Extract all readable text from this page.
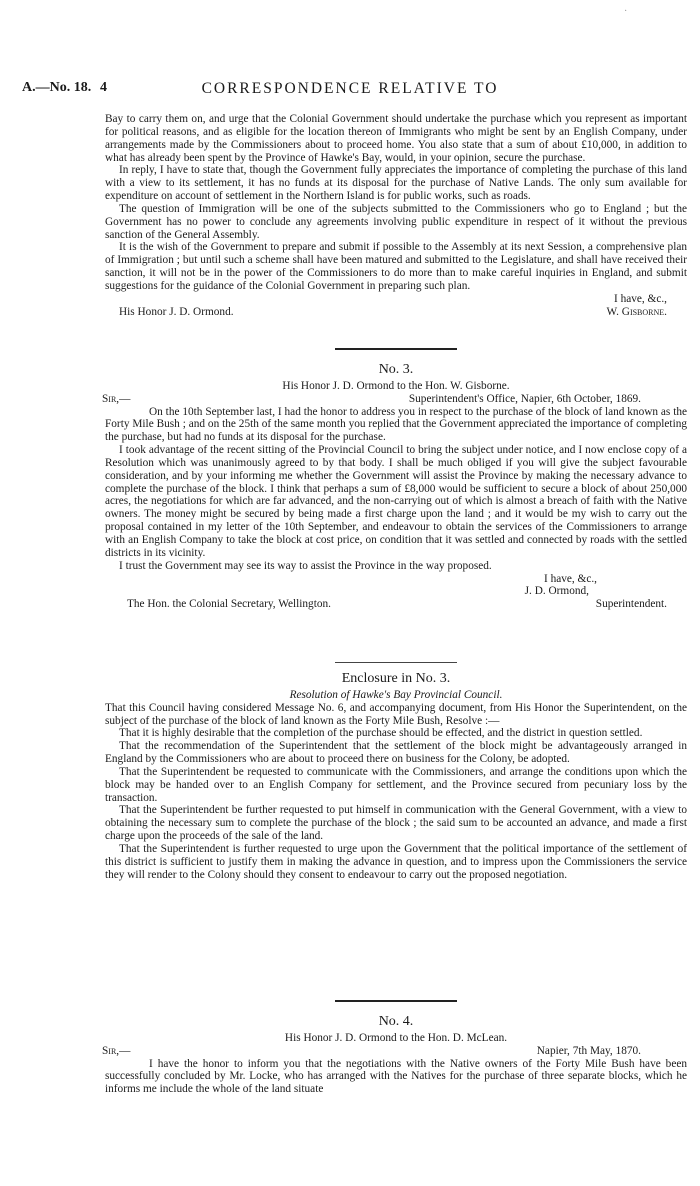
·
A.—No. 18. 4	CORRESPONDENCE RELATIVE TO

Bay to carry them on, and urge that the Colonial Government should undertake the purchase which you represent as important for political reasons, and as eligible for the location thereon of Immigrants who might be sent by an English Company, under arrangements made by the Commissioners about to proceed home. You also state that a sum of about £10,000, in addition to what has already been spent by the Province of Hawke's Bay, would, in your opinion, secure the purchase.

In reply, I have to state that, though the Government fully appreciates the importance of completing the purchase of this land with a view to its settlement, it has no funds at its disposal for the purchase of Native Lands. The only sum available for expenditure on account of settlement in the Northern Island is for public works, such as roads.

The question of Immigration will be one of the subjects submitted to the Commissioners who go to England ; but the Government has no power to conclude any agreements involving public expenditure in respect of it without the previous sanction of the General Assembly.

It is the wish of the Government to prepare and submit if possible to the Assembly at its next Session, a comprehensive plan of Immigration ; but until such a scheme shall have been matured and submitted to the Legislature, and shall have received their sanction, it will not be in the power of the Commissioners to do more than to make careful inquiries in England, and submit suggestions for the guidance of the Colonial Government in preparing such plan.

I have, &c.,
His Honor J. D. Ormond.	W. Gisborne.
No. 3.
His Honor J. D. Ormond to the Hon. W. Gisborne.
Sir,—	Superintendent's Office, Napier, 6th October, 1869.

On the 10th September last, I had the honor to address you in respect to the purchase of the block of land known as the Forty Mile Bush ; and on the 25th of the same month you replied that the Government appreciated the importance of completing the purchase, but had no funds at its disposal for the purchase.

I took advantage of the recent sitting of the Provincial Council to bring the subject under notice, and I now enclose copy of a Resolution which was unanimously agreed to by that body. I shall be much obliged if you will give the subject favourable consideration, and by your informing me whether the Government will assist the Province by making the necessary advance to complete the purchase of the block. I think that perhaps a sum of £8,000 would be sufficient to secure a block of about 250,000 acres, the negotiations for which are far advanced, and the non-carrying out of which is almost a breach of faith with the Native owners. The money might be secured by being made a first charge upon the land ; and it would be my wish to carry out the proposal contained in my letter of the 10th September, and endeavour to obtain the services of the Commissioners to arrange with an English Company to take the block at cost price, on condition that it was settled and connected by roads with the settled districts in its vicinity.

I trust the Government may see its way to assist the Province in the way proposed.

I have, &c.,
J. D. Ormond,
The Hon. the Colonial Secretary, Wellington.	Superintendent.
Enclosure in No. 3.
Resolution of Hawke's Bay Provincial Council.

That this Council having considered Message No. 6, and accompanying document, from His Honor the Superintendent, on the subject of the purchase of the block of land known as the Forty Mile Bush, Resolve :—

That it is highly desirable that the completion of the purchase should be effected, and the district in question settled.

That the recommendation of the Superintendent that the settlement of the block might be advantageously arranged in England by the Commissioners who are about to proceed there on business for the Colony, be adopted.

That the Superintendent be requested to communicate with the Commissioners, and arrange the conditions upon which the block may be handed over to an English Company for settlement, and the Province secured from pecuniary loss by the transaction.

That the Superintendent be further requested to put himself in communication with the General Government, with a view to obtaining the necessary sum to complete the purchase of the block ; the said sum to be accounted an advance, and made a first charge upon the proceeds of the sale of the land.

That the Superintendent is further requested to urge upon the Government that the political importance of the settlement of this district is sufficient to justify them in making the advance in question, and to impress upon the Commissioners the service they will render to the Colony should they consent to endeavour to carry out the proposed negotiation.

No. 4.
His Honor J. D. Ormond to the Hon. D. McLean.
Sir,—	Napier, 7th May, 1870.

I have the honor to inform you that the negotiations with the Native owners of the Forty Mile Bush have been successfully concluded by Mr. Locke, who has arranged with the Natives for the purchase of three separate blocks, which he informs me include the whole of the land situate
